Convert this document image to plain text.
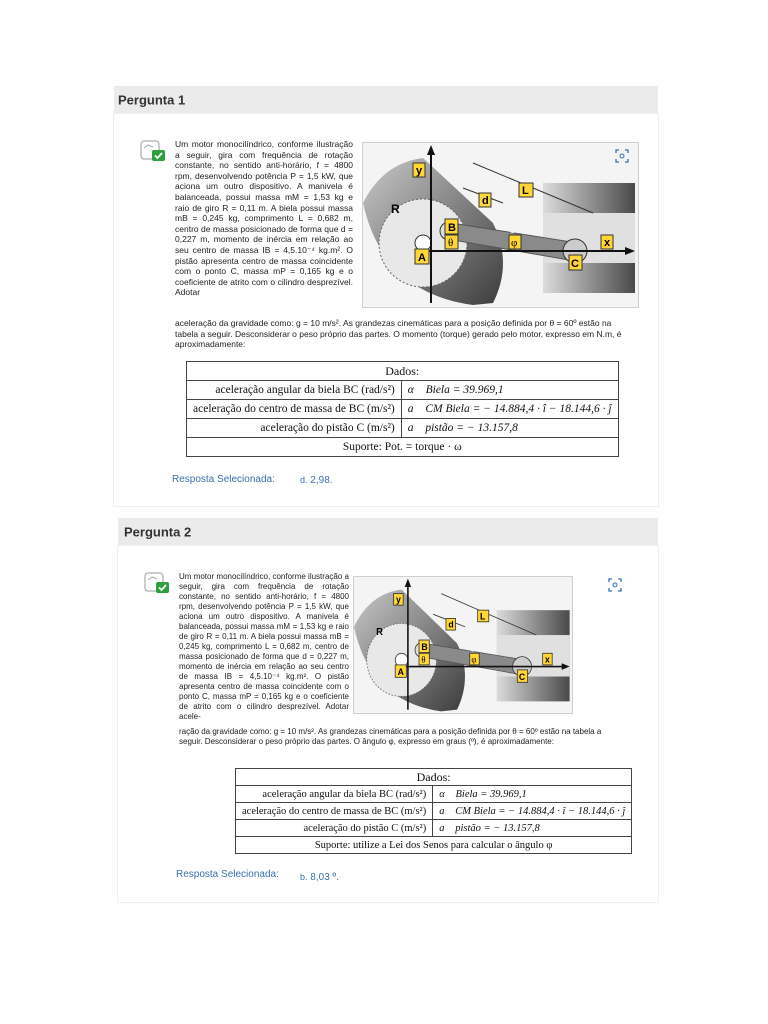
Pergunta 1

Um motor monocilíndrico, conforme ilustração a seguir, gira com frequência de rotação constante, no sentido anti-horário, f = 4800 rpm, desenvolvendo potência P = 1,5 kW, que aciona um outro dispositivo. A manivela é balanceada, possui massa mM = 1,53 kg e raio de giro R = 0,11 m. A biela possui massa mB = 0,245 kg, comprimento L = 0,682 m, centro de massa posicionado de forma que d = 0,227 m, momento de inércia em relação ao seu centro de massa IB = 4,5.10⁻⁴ kg.m². O pistão apresenta centro de massa coincidente com o ponto C, massa mP = 0,165 kg e o coeficiente de atrito com o cilindro desprezível. Adotar

y
x
R
L
d
A
B
θ	φ
C
CMbie

aceleração da gravidade como: g = 10 m/s². As grandezas cinemáticas para a posição definida por θ = 60º estão na tabela a seguir. Desconsiderar o peso próprio das partes. O momento (torque) gerado pelo motor, expresso em N.m, é aproximadamente:

Dados:	
aceleração angular da biela BC (rad/s²)	α⃗ Biela = 39.969,1
aceleração do centro de massa de BC (m/s²)	a⃗ CM Biela = − 14.884,4 · î − 18.144,6 · ĵ
aceleração do pistão C (m/s²)	a⃗ pistão = − 13.157,8
Suporte: Pot. = torque · ω	
Resposta Selecionada:	d. 2,98.
Pergunta 2

Um motor monocilíndrico, conforme ilustração a seguir, gira com frequência de rotação constante, no sentido anti-horário, f = 4800 rpm, desenvolvendo potência P = 1,5 kW, que aciona um outro dispositivo. A manivela é balanceada, possui massa mM = 1,53 kg e raio de giro R = 0,11 m. A biela possui massa mB = 0,245 kg, comprimento L = 0,682 m, centro de massa posicionado de forma que d = 0,227 m, momento de inércia em relação ao seu centro de massa IB = 4,5.10⁻⁴ kg.m². O pistão apresenta centro de massa coincidente com o ponto C, massa mP = 0,165 kg e o coeficiente de atrito com o cilindro desprezível. Adotar acele-

y
x
R
L
d
A
B
θ	φ
C
CMbie

ração da gravidade como: g = 10 m/s². As grandezas cinemáticas para a posição definida por θ = 60º estão na tabela a seguir. Desconsiderar o peso próprio das partes. O ângulo φ, expresso em graus (º), é aproximadamente:

Dados:	
aceleração angular da biela BC (rad/s²)	α⃗ Biela = 39.969,1
aceleração do centro de massa de BC (m/s²)	a⃗ CM Biela = − 14.884,4 · î − 18.144,6 · ĵ
aceleração do pistão C (m/s²)	a⃗ pistão = − 13.157,8
Suporte: utilize a Lei dos Senos para calcular o ângulo φ	
Resposta Selecionada: b. 8,03 º.
